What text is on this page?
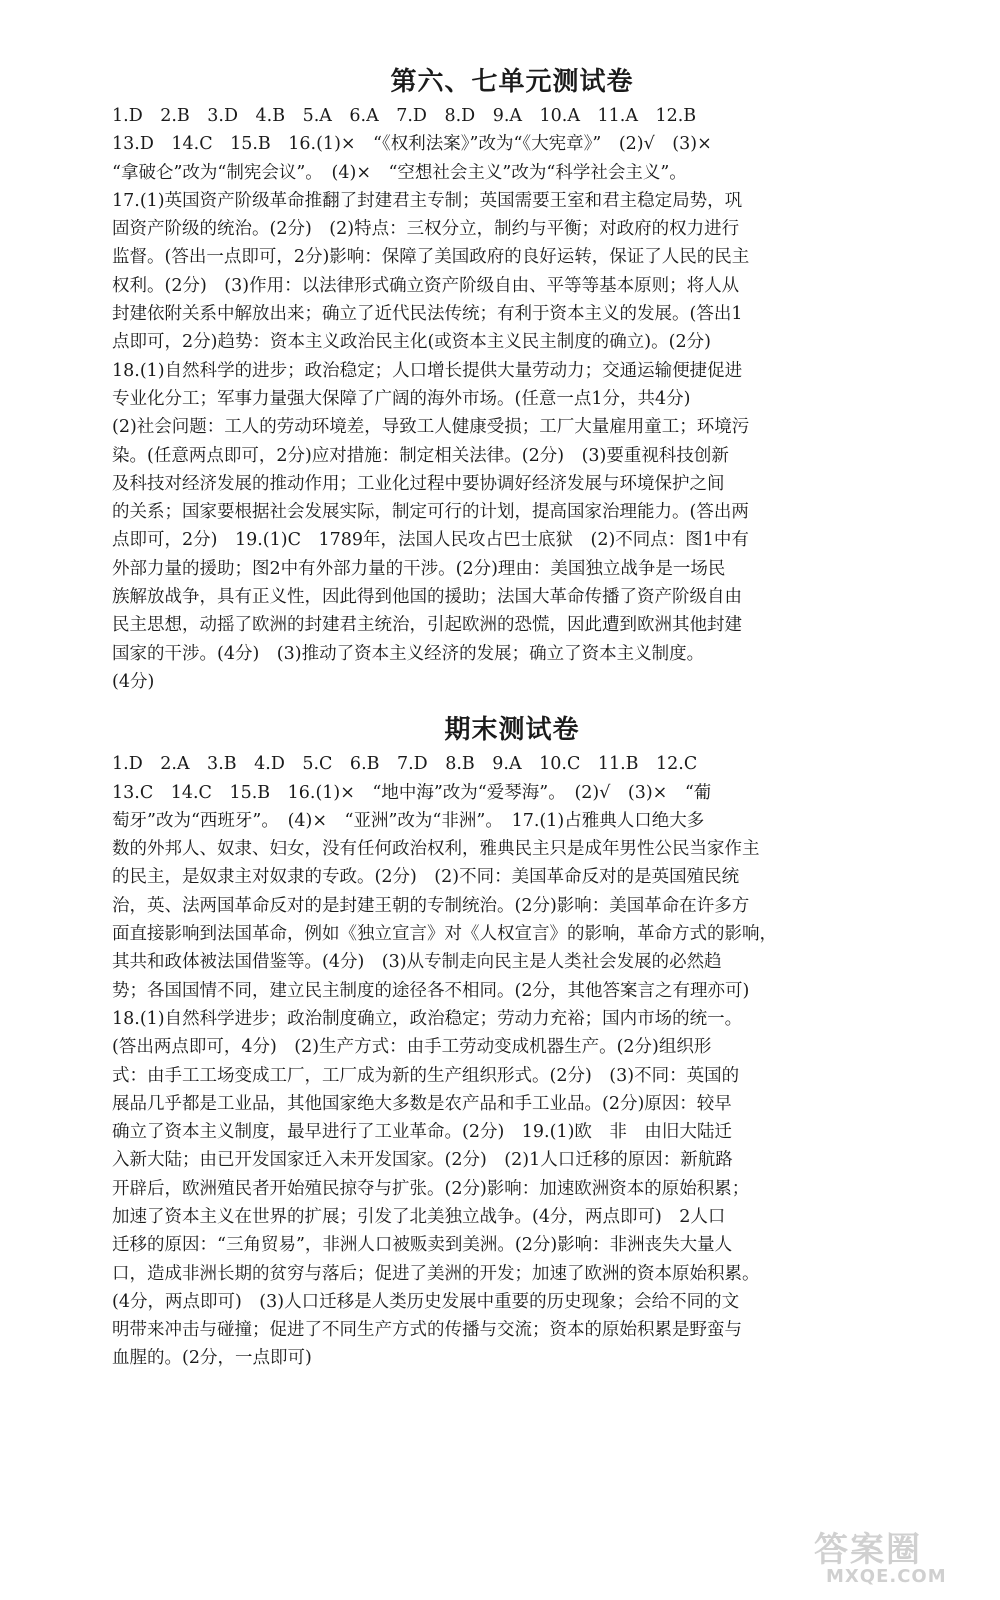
第六、七单元测试卷
1.D　2.B　3.D　4.B　5.A　6.A　7.D　8.D　9.A　10.A　11.A　12.B
13.D　14.C　15.B　16.(1)×　“《权利法案》”改为“《大宪章》”　(2)√　(3)×
“拿破仑”改为“制宪会议”。　(4)×　“空想社会主义”改为“科学社会主义”。
17.(1)英国资产阶级革命推翻了封建君主专制；英国需要王室和君主稳定局势，巩
固资产阶级的统治。(2分)　(2)特点：三权分立，制约与平衡；对政府的权力进行
监督。(答出一点即可，2分)影响：保障了美国政府的良好运转，保证了人民的民主
权利。(2分)　(3)作用：以法律形式确立资产阶级自由、平等等基本原则；将人从
封建依附关系中解放出来；确立了近代民法传统；有利于资本主义的发展。(答出1
点即可，2分)趋势：资本主义政治民主化(或资本主义民主制度的确立)。(2分)
18.(1)自然科学的进步；政治稳定；人口增长提供大量劳动力；交通运输便捷促进
专业化分工；军事力量强大保障了广阔的海外市场。(任意一点1分，共4分)
(2)社会问题：工人的劳动环境差，导致工人健康受损；工厂大量雇用童工；环境污
染。(任意两点即可，2分)应对措施：制定相关法律。(2分)　(3)要重视科技创新
及科技对经济发展的推动作用；工业化过程中要协调好经济发展与环境保护之间
的关系；国家要根据社会发展实际，制定可行的计划，提高国家治理能力。(答出两
点即可，2分)　19.(1)C　1789年，法国人民攻占巴士底狱　(2)不同点：图1中有
外部力量的援助；图2中有外部力量的干涉。(2分)理由：美国独立战争是一场民
族解放战争，具有正义性，因此得到他国的援助；法国大革命传播了资产阶级自由
民主思想，动摇了欧洲的封建君主统治，引起欧洲的恐慌，因此遭到欧洲其他封建
国家的干涉。(4分)　(3)推动了资本主义经济的发展；确立了资本主义制度。
(4分)
期末测试卷
1.D　2.A　3.B　4.D　5.C　6.B　7.D　8.B　9.A　10.C　11.B　12.C
13.C　14.C　15.B　16.(1)×　“地中海”改为“爱琴海”。　(2)√　(3)×　“葡
萄牙”改为“西班牙”。　(4)×　“亚洲”改为“非洲”。　17.(1)占雅典人口绝大多
数的外邦人、奴隶、妇女，没有任何政治权利，雅典民主只是成年男性公民当家作主
的民主，是奴隶主对奴隶的专政。(2分)　(2)不同：美国革命反对的是英国殖民统
治，英、法两国革命反对的是封建王朝的专制统治。(2分)影响：美国革命在许多方
面直接影响到法国革命，例如《独立宣言》对《人权宣言》的影响，革命方式的影响，
其共和政体被法国借鉴等。(4分)　(3)从专制走向民主是人类社会发展的必然趋
势；各国国情不同，建立民主制度的途径各不相同。(2分，其他答案言之有理亦可)
18.(1)自然科学进步；政治制度确立，政治稳定；劳动力充裕；国内市场的统一。
(答出两点即可，4分)　(2)生产方式：由手工劳动变成机器生产。(2分)组织形
式：由手工工场变成工厂，工厂成为新的生产组织形式。(2分)　(3)不同：英国的
展品几乎都是工业品，其他国家绝大多数是农产品和手工业品。(2分)原因：较早
确立了资本主义制度，最早进行了工业革命。(2分)　19.(1)欧　非　由旧大陆迁
入新大陆；由已开发国家迁入未开发国家。(2分)　(2)1人口迁移的原因：新航路
开辟后，欧洲殖民者开始殖民掠夺与扩张。(2分)影响：加速欧洲资本的原始积累；
加速了资本主义在世界的扩展；引发了北美独立战争。(4分，两点即可)　2人口
迁移的原因：“三角贸易”，非洲人口被贩卖到美洲。(2分)影响：非洲丧失大量人
口，造成非洲长期的贫穷与落后；促进了美洲的开发；加速了欧洲的资本原始积累。
(4分，两点即可)　(3)人口迁移是人类历史发展中重要的历史现象；会给不同的文
明带来冲击与碰撞；促进了不同生产方式的传播与交流；资本的原始积累是野蛮与
血腥的。(2分，一点即可)
答案圈
MXQE.COM
